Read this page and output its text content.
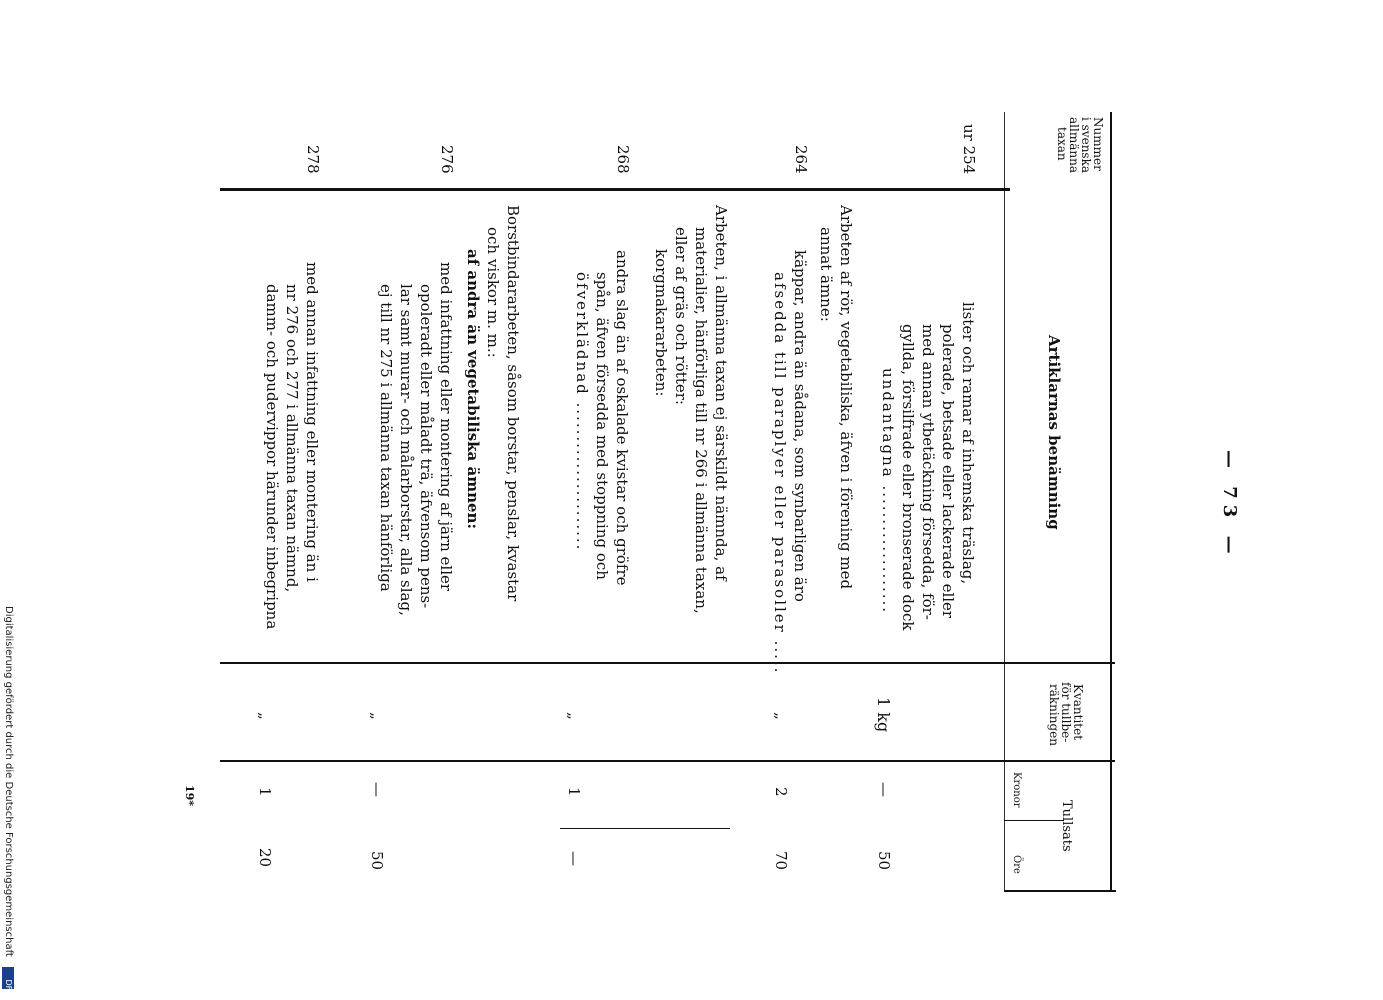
Digitalisierung gefördert durch die Deutsche Forschungsgemeinschaft
DFG
Nummer
i svenska
allmänna
taxan
Artiklarnas benämning
Kvantitet
för tullbe-
räkningen
Tullsats
Kronor
Öre
— 73 —
ur 254
lister och ramar af inhemska träslag,
polerade, betsade eller lackerade eller
med annan ytbetäckning försedda, för-
gyllda, försilfrade eller bronserade dock
undantagna ...................
1 kg
—
50
Arbeten af rör, vegetabiliska, äfven i förening med
annat ämne:
264
käppar, andra än sådana, som synbarligen äro
afsedda till paraplyer eller parasoller .....
„
2
70
Arbeten, i allmänna taxan ej särskildt nämnda, af
materialier, hänförliga till nr 266 i allmänna taxan,
eller af gräs och rötter:
korgmakararbeten:
268
andra slag än af oskalade kvistar och gröfre
spån, äfven försedda med stoppning och
öfverklädnad ......................
„
1
—
Borstbindararbeten, såsom borstar, penslar, kvastar
och viskor m. m.:
af andra än vegetabiliska ämnen:
276
med infattning eller montering af järn eller
opoleradt eller måladt trä, äfvensom pens-
lar samt murar- och målarborstar, alla slag,
ej till nr 275 i allmänna taxan hänförliga
„
—
50
278
med annan infattning eller montering än i
nr 276 och 277 i allmänna taxan nämnd,
damm- och pudervippor härunder inbegripna
„
1
20
19*
